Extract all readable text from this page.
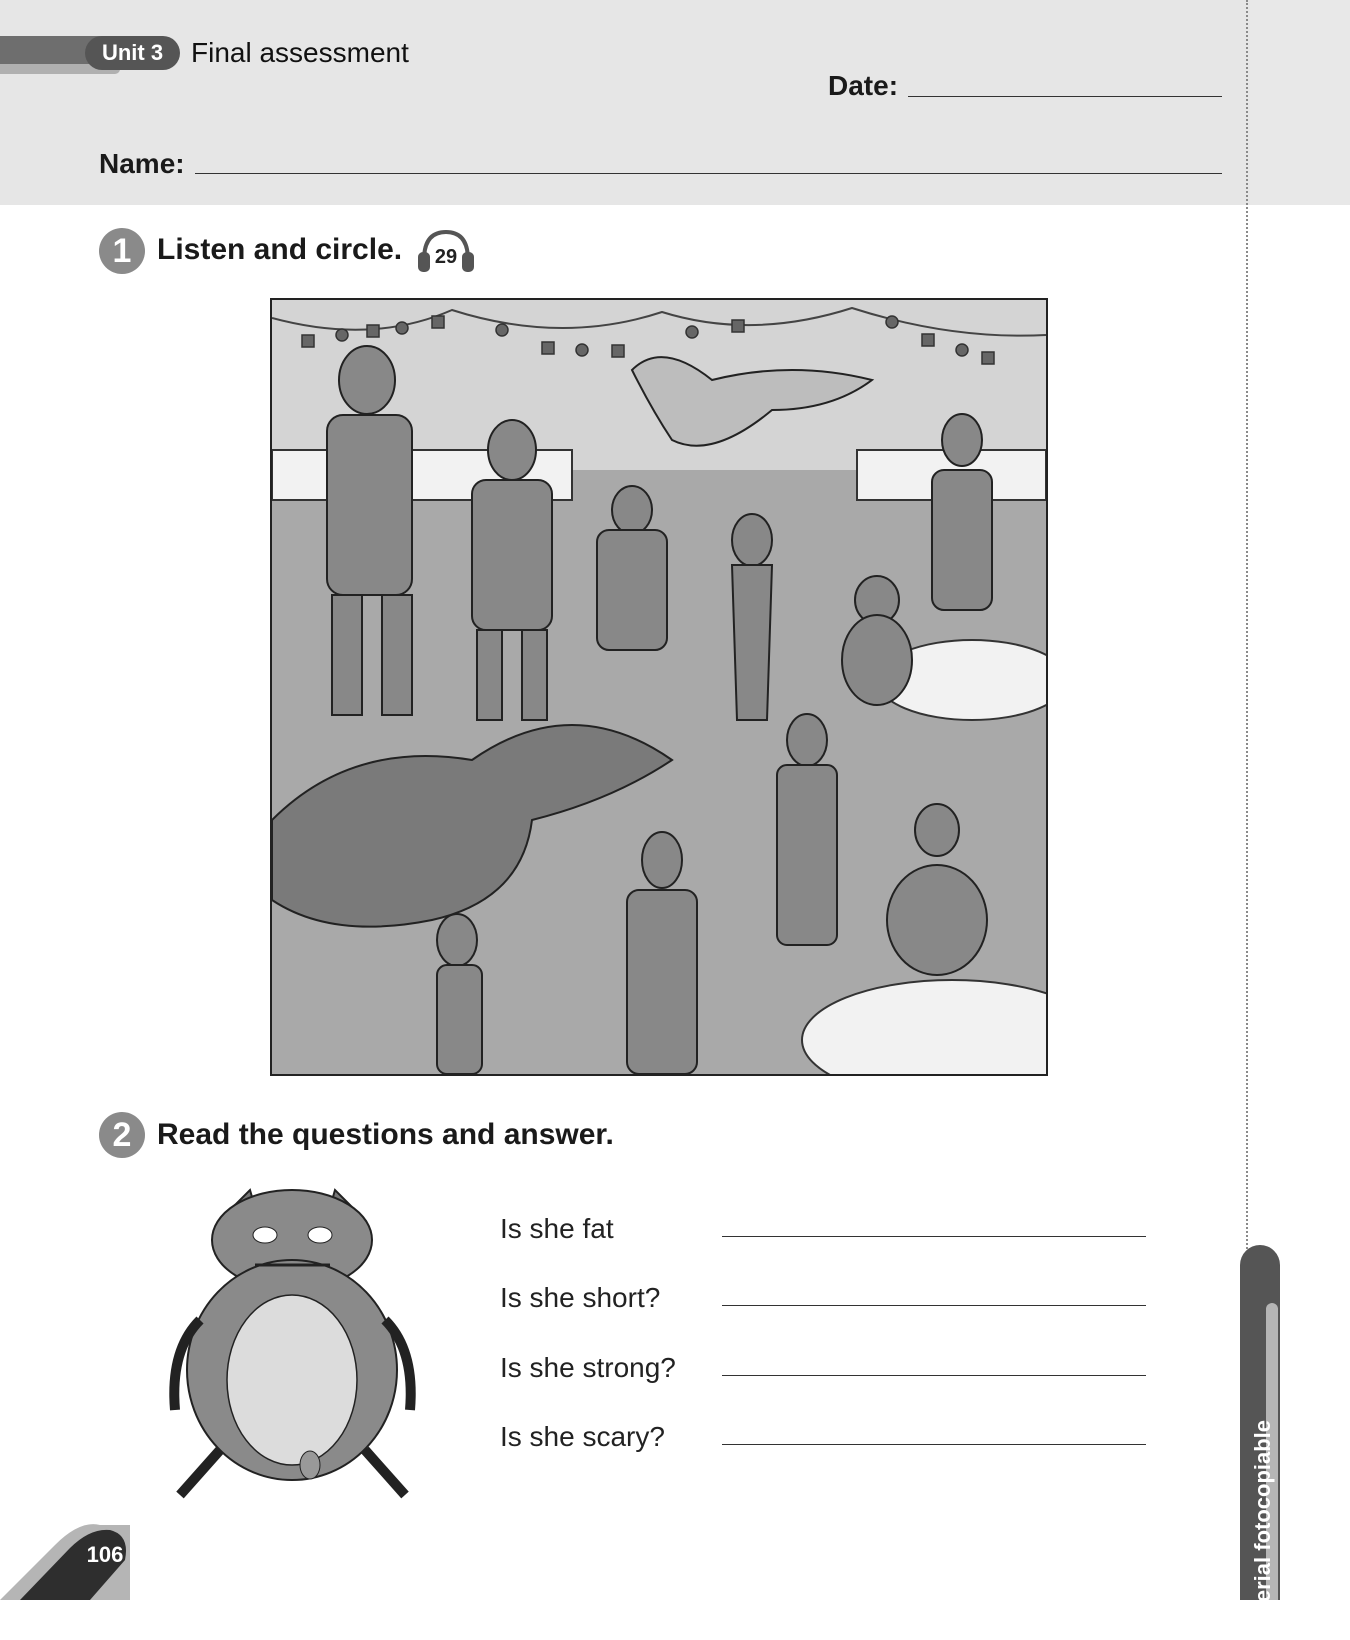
Unit 3 Final assessment
Date:
Name:
1 Listen and circle. 29
2 Read the questions and answer.
Is she fat
Is she short?
Is she strong?
Is she scary?	Material fotocopiable
106
